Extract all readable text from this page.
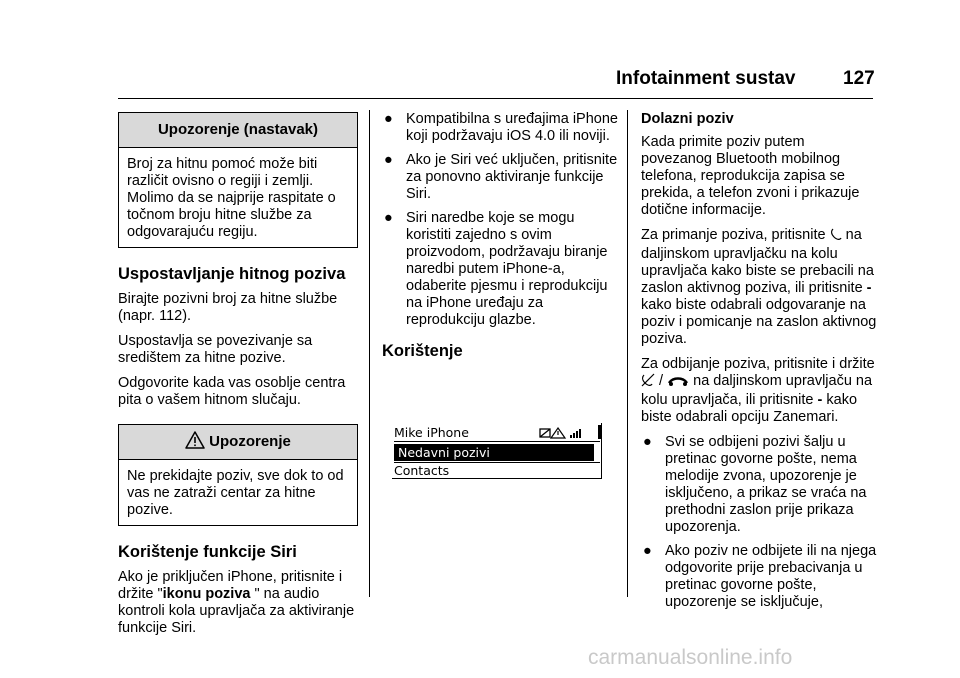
Infotainment sustav	127
Upozorenje (nastavak)
Broj za hitnu pomoć može biti različit ovisno o regiji i zemlji. Molimo da se najprije raspitate o točnom broju hitne službe za odgovarajuću regiju.
Uspostavljanje hitnog poziva

Birajte pozivni broj za hitne službe (napr. 112).

Uspostavlja se povezivanje sa središtem za hitne pozive.

Odgovorite kada vas osoblje centra pita o vašem hitnom slučaju.

Upozorenje
Ne prekidajte poziv, sve dok to od vas ne zatraži centar za hitne pozive.
Korištenje funkcije Siri

Ako je priključen iPhone, pritisnite i držite "ikonu poziva " na audio kontroli kola upravljača za aktiviranje funkcije Siri.

● Kompatibilna s uređajima iPhone koji podržavaju iOS 4.0 ili noviji.
● Ako je Siri već uključen, pritisnite za ponovno aktiviranje funkcije Siri.
● Siri naredbe koje se mogu koristiti zajedno s ovim proizvodom, podržavaju biranje naredbi putem iPhone-a, odaberite pjesmu i reprodukciju na iPhone uređaju za reprodukciju glazbe.
Korištenje
Mike iPhone
Nedavni pozivi
Contacts

Dolazni poziv

Kada primite poziv putem povezanog Bluetooth mobilnog telefona, reprodukcija zapisa se prekida, a telefon zvoni i prikazuje dotične informacije.

Za primanje poziva, pritisnite na daljinskom upravljačku na kolu upravljača kako biste se prebacili na zaslon aktivnog poziva, ili pritisnite - kako biste odabrali odgovaranje na poziv i pomicanje na zaslon aktivnog poziva.

Za odbijanje poziva, pritisnite i držite  / na daljinskom upravljaču na kolu upravljača, ili pritisnite - kako biste odabrali opciju Zanemari.

● Svi se odbijeni pozivi šalju u pretinac govorne pošte, nema melodije zvona, upozorenje je isključeno, a prikaz se vraća na prethodni zaslon prije prikaza upozorenja.
● Ako poziv ne odbijete ili na njega odgovorite prije prebacivanja u pretinac govorne pošte, upozorenje se isključuje,
carmanualsonline.info
